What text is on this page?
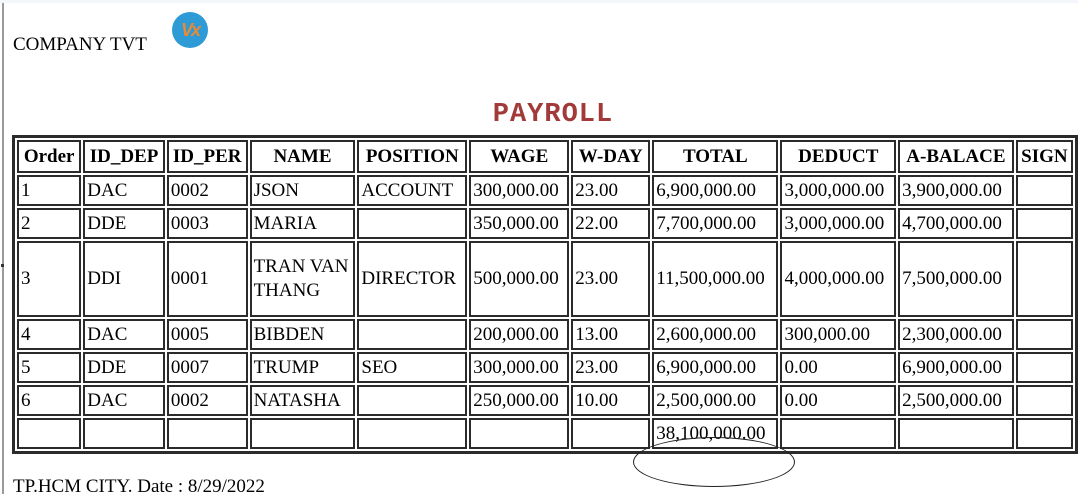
COMPANY TVT
Vx
PAYROLL
Order	ID_DEP	ID_PER	NAME	POSITION	WAGE	W-DAY	TOTAL	DEDUCT	A-BALACE	SIGN
1	DAC	0002	JSON	ACCOUNT	300,000.00	23.00	6,900,000.00	3,000,000.00	3,900,000.00	
2	DDE	0003	MARIA		350,000.00	22.00	7,700,000.00	3,000,000.00	4,700,000.00	
3	DDI	0001	TRAN VAN THANG	DIRECTOR	500,000.00	23.00	11,500,000.00	4,000,000.00	7,500,000.00	
4	DAC	0005	BIBDEN		200,000.00	13.00	2,600,000.00	300,000.00	2,300,000.00	
5	DDE	0007	TRUMP	SEO	300,000.00	23.00	6,900,000.00	0.00	6,900,000.00	
6	DAC	0002	NATASHA		250,000.00	10.00	2,500,000.00	0.00	2,500,000.00	
							38,100,000.00			
TP.HCM CITY. Date : 8/29/2022
